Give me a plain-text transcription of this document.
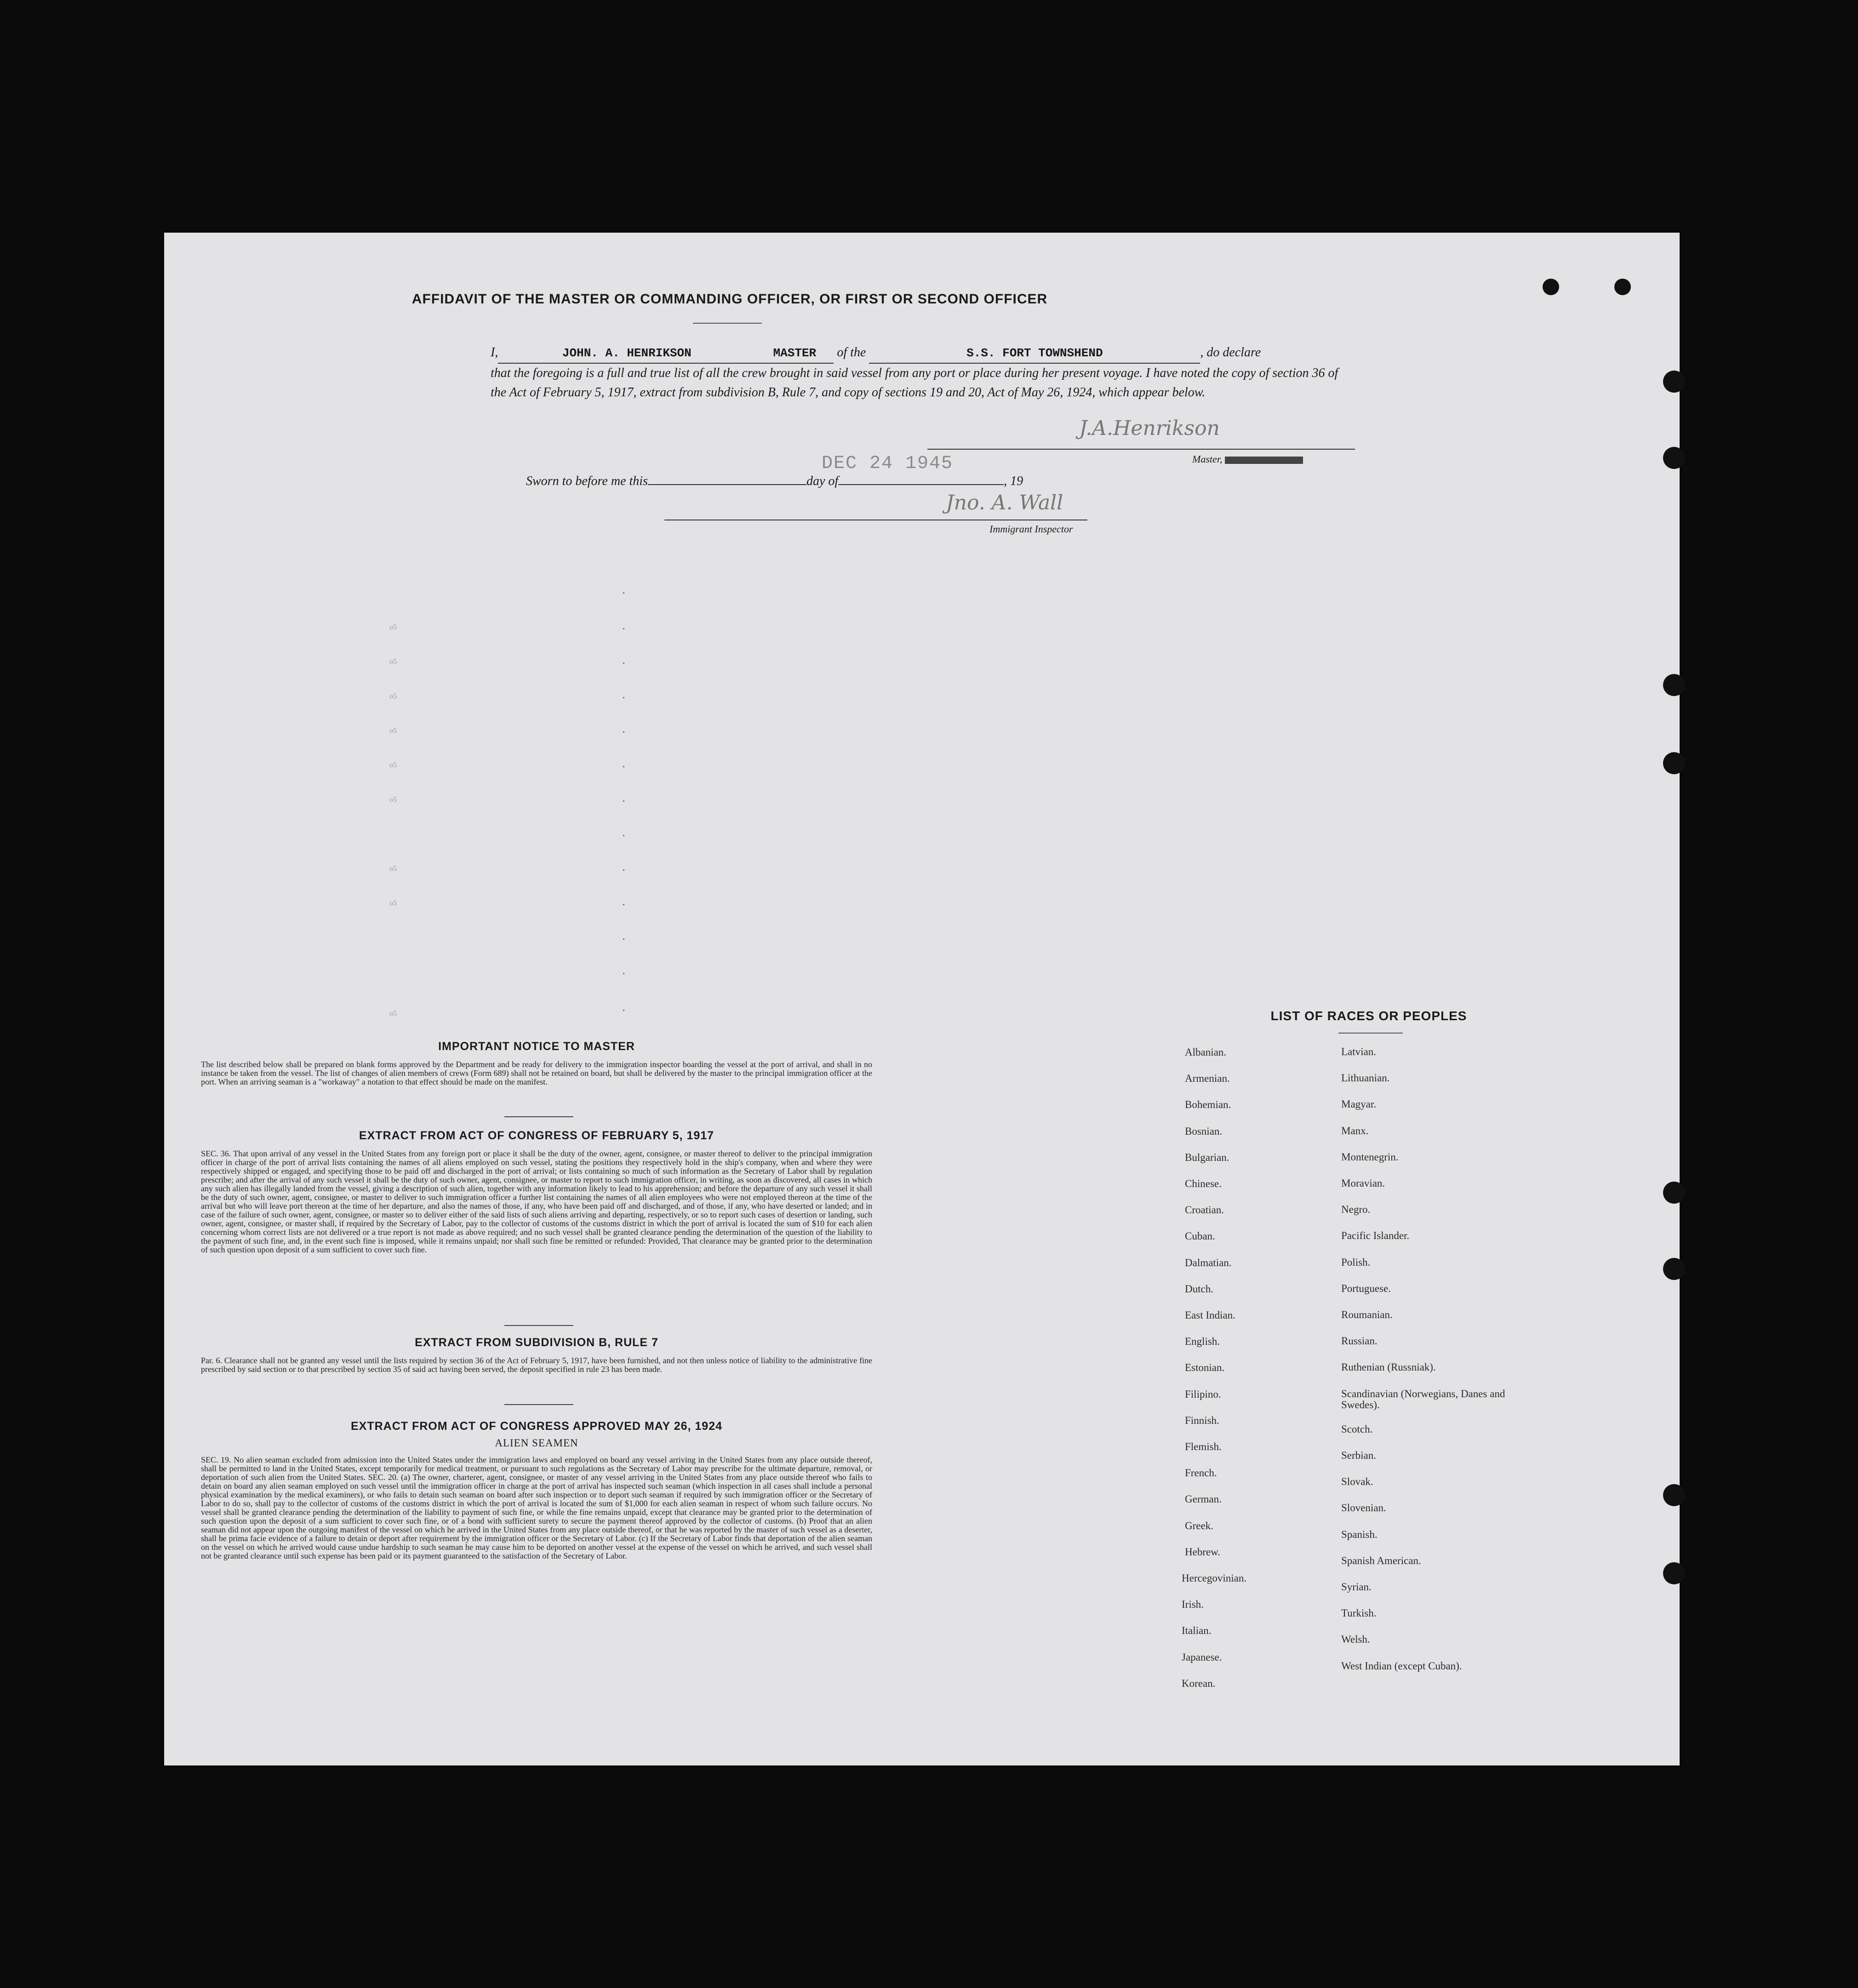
AFFIDAVIT OF THE MASTER OR COMMANDING OFFICER, OR FIRST OR SECOND OFFICER
I,	JOHN. A. HENRIKSON	MASTER of the	S.S. FORT TOWNSHEND	, do declare
that the foregoing is a full and true list of all the crew brought in said vessel from any port or place during her present voyage. I have noted the copy of section 36 of the Act of February 5, 1917, extract from subdivision B, Rule 7, and copy of sections 19 and 20, Act of May 26, 1924, which appear below.
J.A.Henrikson
Master,
Sworn to before me this	day of	, 19
DEC 24 1945
Jno. A. Wall
Immigrant Inspector
o5
o5
o5
o5
o5
o5
o5
o5
o5
IMPORTANT NOTICE TO MASTER
The list described below shall be prepared on blank forms approved by the Department and be ready for delivery to the immigration inspector boarding the vessel at the port of arrival, and shall in no instance be taken from the vessel. The list of changes of alien members of crews (Form 689) shall not be retained on board, but shall be delivered by the master to the principal immigration officer at the port. When an arriving seaman is a "workaway" a notation to that effect should be made on the manifest.
EXTRACT FROM ACT OF CONGRESS OF FEBRUARY 5, 1917
SEC. 36. That upon arrival of any vessel in the United States from any foreign port or place it shall be the duty of the owner, agent, consignee, or master thereof to deliver to the principal immigration officer in charge of the port of arrival lists containing the names of all aliens employed on such vessel, stating the positions they respectively hold in the ship's company, when and where they were respectively shipped or engaged, and specifying those to be paid off and discharged in the port of arrival; or lists containing so much of such information as the Secretary of Labor shall by regulation prescribe; and after the arrival of any such vessel it shall be the duty of such owner, agent, consignee, or master to report to such immigration officer, in writing, as soon as discovered, all cases in which any such alien has illegally landed from the vessel, giving a description of such alien, together with any information likely to lead to his apprehension; and before the departure of any such vessel it shall be the duty of such owner, agent, consignee, or master to deliver to such immigration officer a further list containing the names of all alien employees who were not employed thereon at the time of the arrival but who will leave port thereon at the time of her departure, and also the names of those, if any, who have been paid off and discharged, and of those, if any, who have deserted or landed; and in case of the failure of such owner, agent, consignee, or master so to deliver either of the said lists of such aliens arriving and departing, respectively, or so to report such cases of desertion or landing, such owner, agent, consignee, or master shall, if required by the Secretary of Labor, pay to the collector of customs of the customs district in which the port of arrival is located the sum of $10 for each alien concerning whom correct lists are not delivered or a true report is not made as above required; and no such vessel shall be granted clearance pending the determination of the question of the liability to the payment of such fine, and, in the event such fine is imposed, while it remains unpaid; nor shall such fine be remitted or refunded: Provided, That clearance may be granted prior to the determination of such question upon deposit of a sum sufficient to cover such fine.
EXTRACT FROM SUBDIVISION B, RULE 7
Par. 6. Clearance shall not be granted any vessel until the lists required by section 36 of the Act of February 5, 1917, have been furnished, and not then unless notice of liability to the administrative fine prescribed by said section or to that prescribed by section 35 of said act having been served, the deposit specified in rule 23 has been made.
EXTRACT FROM ACT OF CONGRESS APPROVED MAY 26, 1924
ALIEN SEAMEN
SEC. 19. No alien seaman excluded from admission into the United States under the immigration laws and employed on board any vessel arriving in the United States from any place outside thereof, shall be permitted to land in the United States, except temporarily for medical treatment, or pursuant to such regulations as the Secretary of Labor may prescribe for the ultimate departure, removal, or deportation of such alien from the United States. SEC. 20. (a) The owner, charterer, agent, consignee, or master of any vessel arriving in the United States from any place outside thereof who fails to detain on board any alien seaman employed on such vessel until the immigration officer in charge at the port of arrival has inspected such seaman (which inspection in all cases shall include a personal physical examination by the medical examiners), or who fails to detain such seaman on board after such inspection or to deport such seaman if required by such immigration officer or the Secretary of Labor to do so, shall pay to the collector of customs of the customs district in which the port of arrival is located the sum of $1,000 for each alien seaman in respect of whom such failure occurs. No vessel shall be granted clearance pending the determination of the liability to payment of such fine, or while the fine remains unpaid, except that clearance may be granted prior to the determination of such question upon the deposit of a sum sufficient to cover such fine, or of a bond with sufficient surety to secure the payment thereof approved by the collector of customs. (b) Proof that an alien seaman did not appear upon the outgoing manifest of the vessel on which he arrived in the United States from any place outside thereof, or that he was reported by the master of such vessel as a deserter, shall be prima facie evidence of a failure to detain or deport after requirement by the immigration officer or the Secretary of Labor. (c) If the Secretary of Labor finds that deportation of the alien seaman on the vessel on which he arrived would cause undue hardship to such seaman he may cause him to be deported on another vessel at the expense of the vessel on which he arrived, and such vessel shall not be granted clearance until such expense has been paid or its payment guaranteed to the satisfaction of the Secretary of Labor.
LIST OF RACES OR PEOPLES
Albanian.
Armenian.
Bohemian.
Bosnian.
Bulgarian.
Chinese.
Croatian.
Cuban.
Dalmatian.
Dutch.
East Indian.
English.
Estonian.
Filipino.
Finnish.
Flemish.
French.
German.
Greek.
Hebrew.
Hercegovinian.
Irish.
Italian.
Japanese.
Korean.
Latvian.
Lithuanian.
Magyar.
Manx.
Montenegrin.
Moravian.
Negro.
Pacific Islander.
Polish.
Portuguese.
Roumanian.
Russian.
Ruthenian (Russniak).
Scandinavian (Norwegians, Danes and Swedes).
Scotch.
Serbian.
Slovak.
Slovenian.
Spanish.
Spanish American.
Syrian.
Turkish.
Welsh.
West Indian (except Cuban).
